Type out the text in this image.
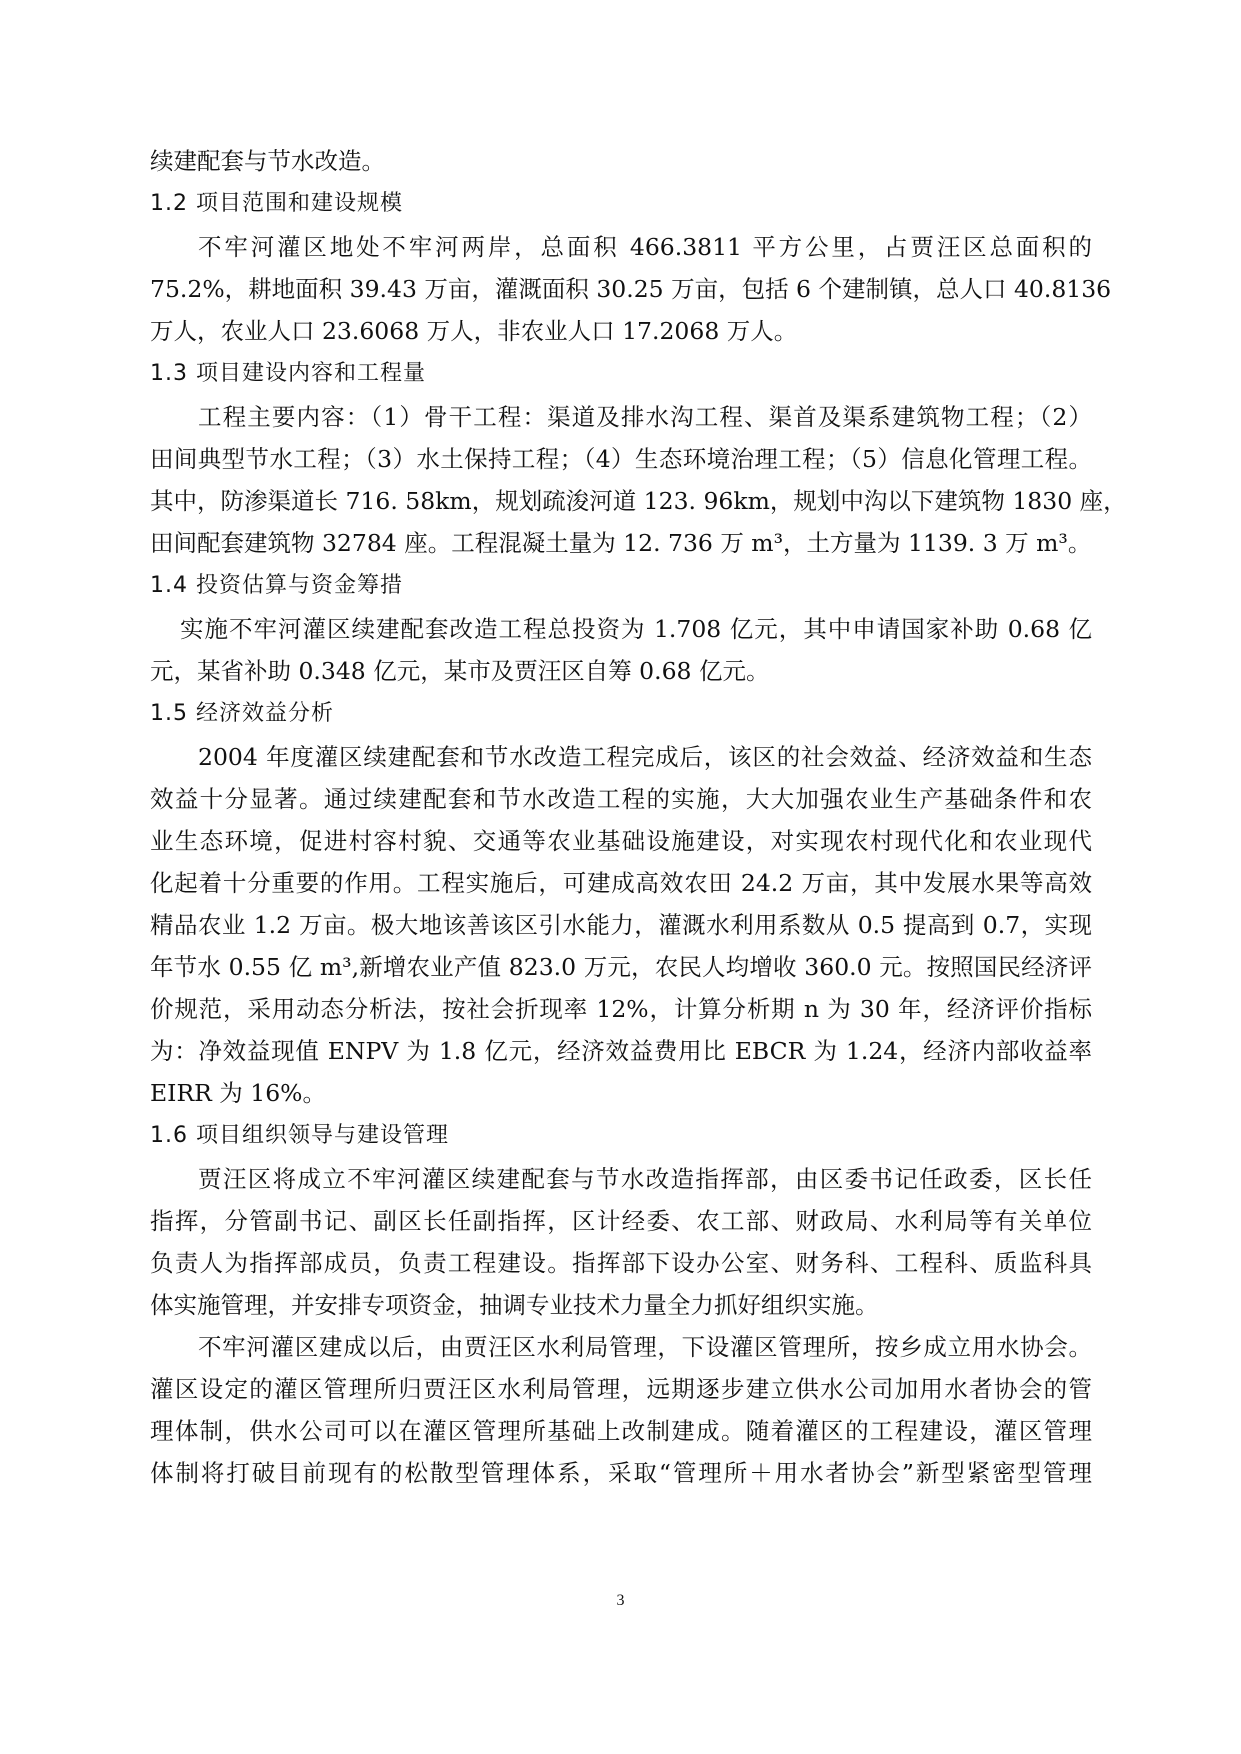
续建配套与节水改造。
1.2 项目范围和建设规模
不牢河灌区地处不牢河两岸，总面积 466.3811 平方公里，占贾汪区总面积的
75.2%，耕地面积 39.43 万亩，灌溉面积 30.25 万亩，包括 6 个建制镇，总人口 40.8136
万人，农业人口 23.6068 万人，非农业人口 17.2068 万人。
1.3 项目建设内容和工程量
工程主要内容：（1）骨干工程：渠道及排水沟工程、渠首及渠系建筑物工程；（2）
田间典型节水工程；（3）水土保持工程；（4）生态环境治理工程；（5）信息化管理工程。
其中，防渗渠道长 716. 58km，规划疏浚河道 123. 96km，规划中沟以下建筑物 1830 座，
田间配套建筑物 32784 座。工程混凝土量为 12. 736 万 m³，土方量为 1139. 3 万 m³。
1.4 投资估算与资金筹措
实施不牢河灌区续建配套改造工程总投资为 1.708 亿元，其中申请国家补助 0.68 亿
元，某省补助 0.348 亿元，某市及贾汪区自筹 0.68 亿元。
1.5 经济效益分析
2004 年度灌区续建配套和节水改造工程完成后，该区的社会效益、经济效益和生态
效益十分显著。通过续建配套和节水改造工程的实施，大大加强农业生产基础条件和农
业生态环境，促进村容村貌、交通等农业基础设施建设，对实现农村现代化和农业现代
化起着十分重要的作用。工程实施后，可建成高效农田 24.2 万亩，其中发展水果等高效
精品农业 1.2 万亩。极大地该善该区引水能力，灌溉水利用系数从 0.5 提高到 0.7，实现
年节水 0.55 亿 m³,新增农业产值 823.0 万元，农民人均增收 360.0 元。按照国民经济评
价规范，采用动态分析法，按社会折现率 12%，计算分析期 n 为 30 年，经济评价指标
为：净效益现值 ENPV 为 1.8 亿元，经济效益费用比 EBCR 为 1.24，经济内部收益率
EIRR 为 16%。
1.6 项目组织领导与建设管理
贾汪区将成立不牢河灌区续建配套与节水改造指挥部，由区委书记任政委，区长任
指挥，分管副书记、副区长任副指挥，区计经委、农工部、财政局、水利局等有关单位
负责人为指挥部成员，负责工程建设。指挥部下设办公室、财务科、工程科、质监科具
体实施管理，并安排专项资金，抽调专业技术力量全力抓好组织实施。
不牢河灌区建成以后，由贾汪区水利局管理，下设灌区管理所，按乡成立用水协会。
灌区设定的灌区管理所归贾汪区水利局管理，远期逐步建立供水公司加用水者协会的管
理体制，供水公司可以在灌区管理所基础上改制建成。随着灌区的工程建设，灌区管理
体制将打破目前现有的松散型管理体系，采取“管理所＋用水者协会”新型紧密型管理
3
